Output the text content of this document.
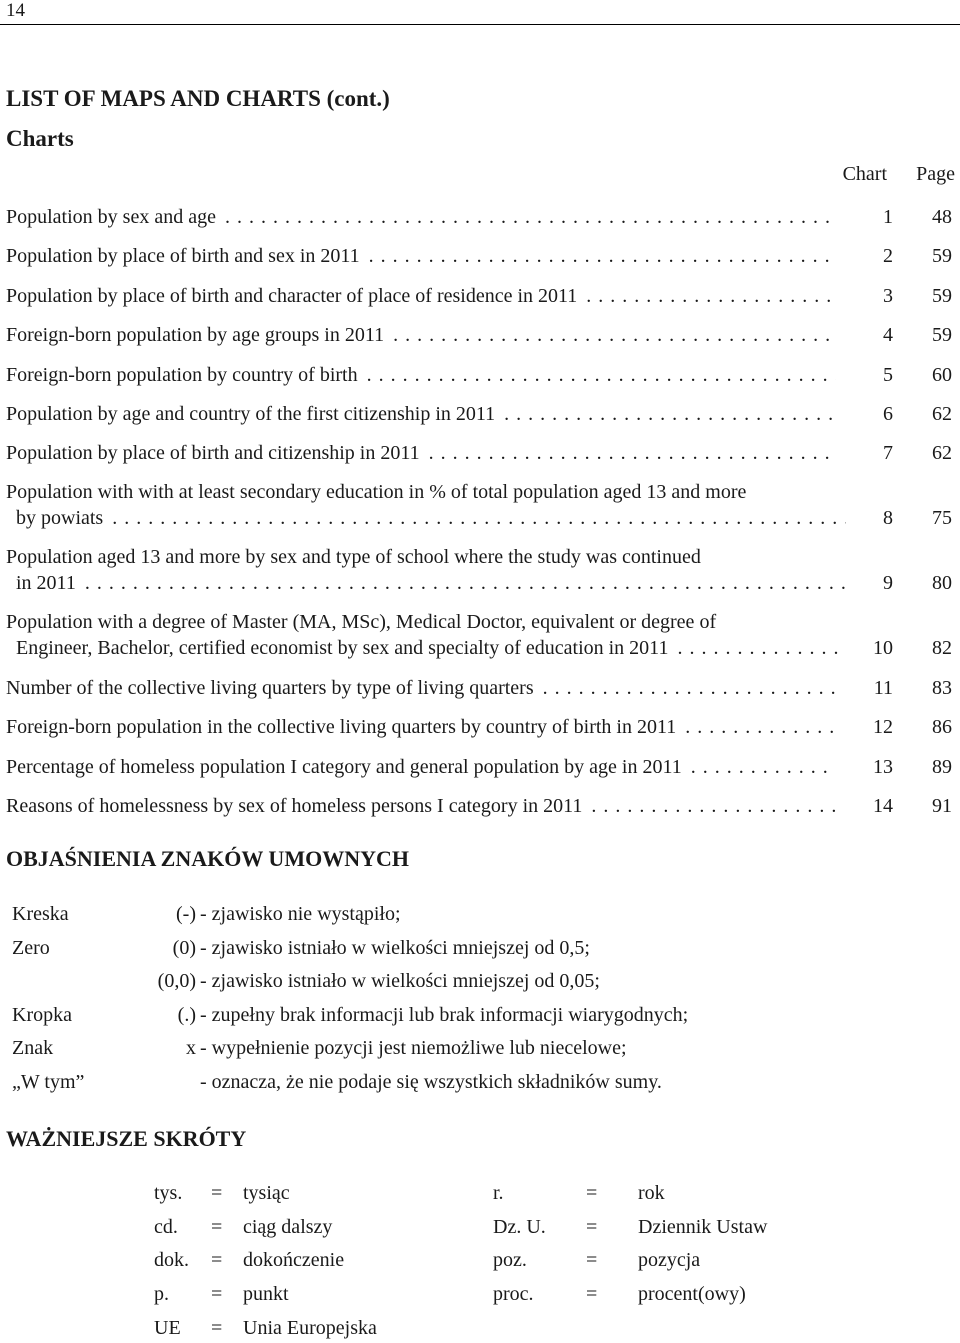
14
LIST OF MAPS AND CHARTS (cont.)
Charts
Chart Page
Population by sex and age . . .	1	48
Population by place of birth and sex in 2011 . . .	2	59
Population by place of birth and character of place of residence in 2011 . . .	3	59
Foreign-born population by age groups in 2011 . . .	4	59
Foreign-born population by country of birth . . .	5	60
Population by age and country of the first citizenship in 2011 . . .	6	62
Population by place of birth and citizenship in 2011 . . .	7	62
Population with with at least secondary education in % of total population aged 13 and more
by powiats . . .	8	75
Population aged 13 and more by sex and type of school where the study was continued
in 2011 . . .	9	80
Population with a degree of Master (MA, MSc), Medical Doctor, equivalent or degree of
Engineer, Bachelor, certified economist by sex and specialty of education in 2011 . . .	10	82
Number of the collective living quarters by type of living quarters . . .	11	83
Foreign-born population in the collective living quarters by country of birth in 2011 . . .	12	86
Percentage of homeless population I category and general population by age in 2011 . . .	13	89
Reasons of homelessness by sex of homeless persons I category in 2011 . . .	14	91
OBJAŚNIENIA ZNAKÓW UMOWNYCH
Kreska	(-) - zjawisko nie wystąpiło;
Zero	(0) - zjawisko istniało w wielkości mniejszej od 0,5;
(0,0) - zjawisko istniało w wielkości mniejszej od 0,05;
Kropka	(.) - zupełny brak informacji lub brak informacji wiarygodnych;
Znak	x - wypełnienie pozycji jest niemożliwe lub niecelowe;
„W tym”	- oznacza, że nie podaje się wszystkich składników sumy.
WAŻNIEJSZE SKRÓTY
tys. = tysiąc	r.	= rok
cd. = ciąg dalszy	Dz. U. = Dziennik Ustaw
dok. = dokończenie	poz.	= pozycja
p. = punkt	proc.	= procent(owy)
UE = Unia Europejska
